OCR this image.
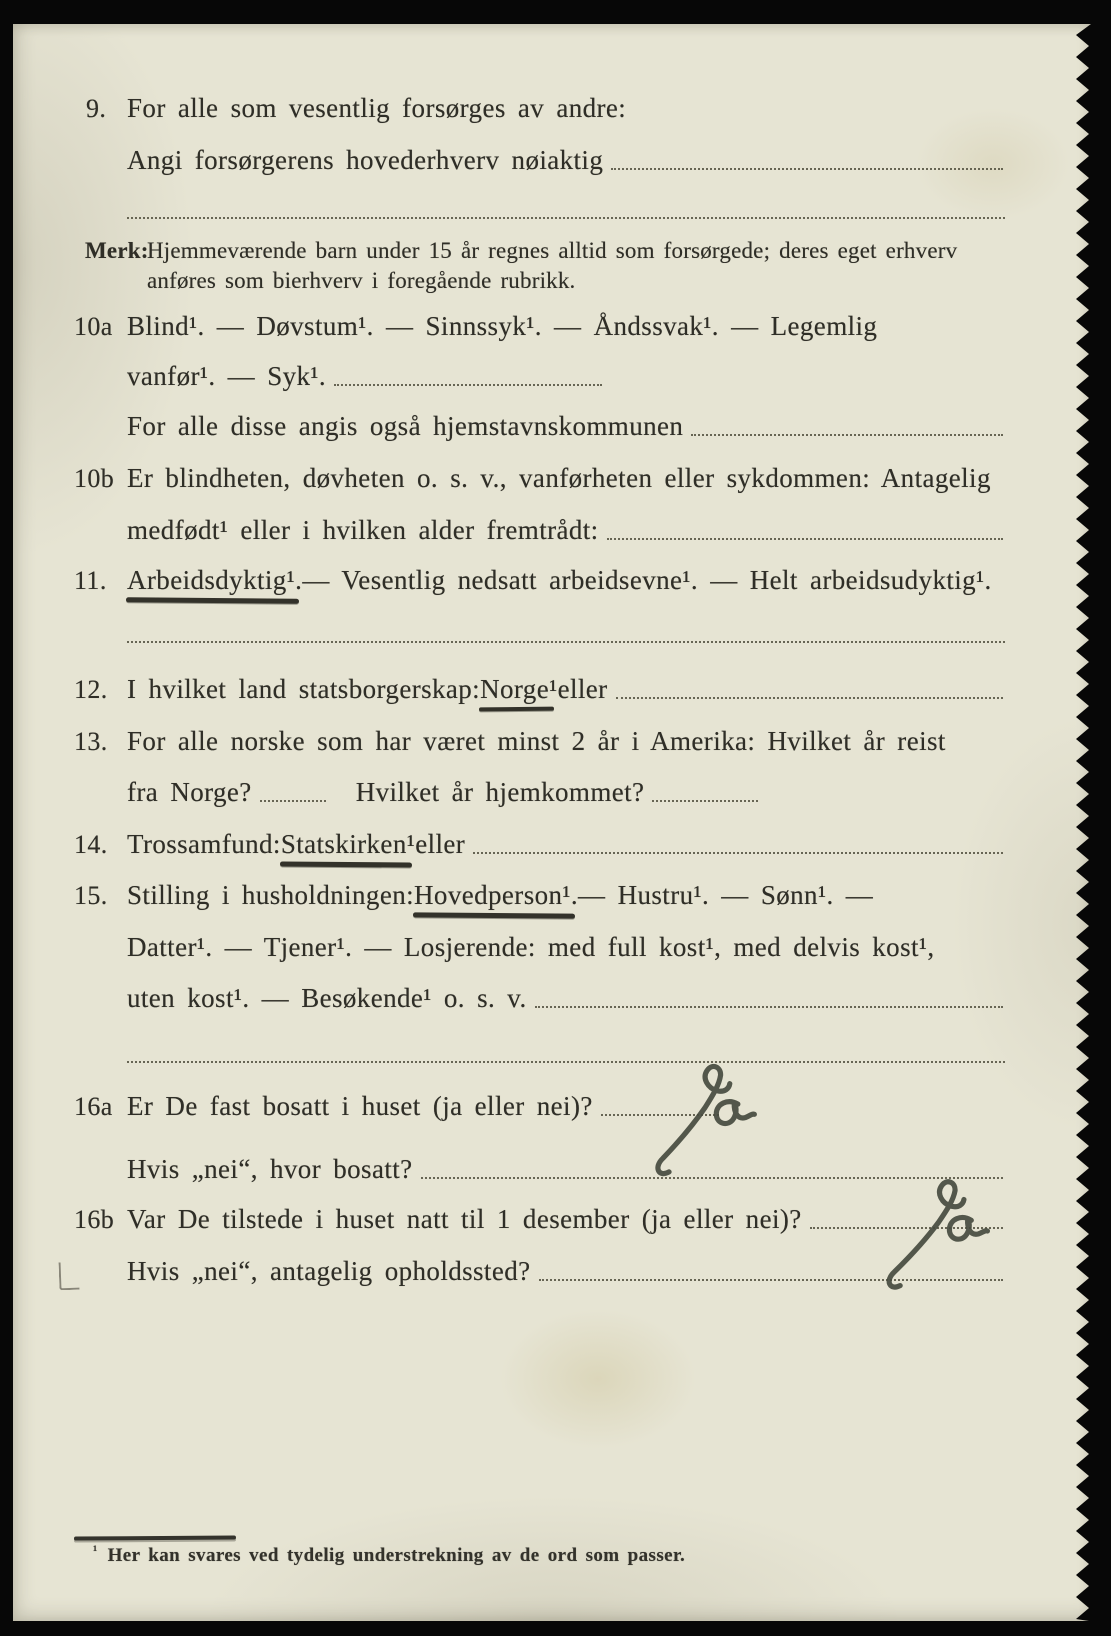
9. For alle som vesentlig forsørges av andre:
Angi forsørgerens hovederhverv nøiaktig
Merk:
Hjemmeværende barn under 15 år regnes alltid som forsørgede; deres eget erhverv
anføres som bierhverv i foregående rubrikk.
10a Blind¹. — Døvstum¹. — Sinnssyk¹. — Åndssvak¹. — Legemlig
vanfør¹. — Syk¹.
For alle disse angis også hjemstavnskommunen
10b Er blindheten, døvheten o. s. v., vanførheten eller sykdommen: Antagelig
medfødt¹ eller i hvilken alder fremtrådt:
11. Arbeidsdyktig¹. — Vesentlig nedsatt arbeidsevne¹. — Helt arbeidsudyktig¹.
12. I hvilket land statsborgerskap: Norge¹ eller
13. For alle norske som har været minst 2 år i Amerika: Hvilket år reist
fra Norge?	Hvilket år hjemkommet?
14. Trossamfund: Statskirken¹ eller
15. Stilling i husholdningen: Hovedperson¹. — Hustru¹. — Sønn¹. —
Datter¹. — Tjener¹. — Losjerende: med full kost¹, med delvis kost¹,
uten kost¹. — Besøkende¹ o. s. v.
16a Er De fast bosatt i huset (ja eller nei)?
Hvis „nei“, hvor bosatt?
16b Var De tilstede i huset natt til 1 desember (ja eller nei)?
Hvis „nei“, antagelig opholdssted?
$^{^1}$ Her kan svares ved tydelig understrekning av de ord som passer.
